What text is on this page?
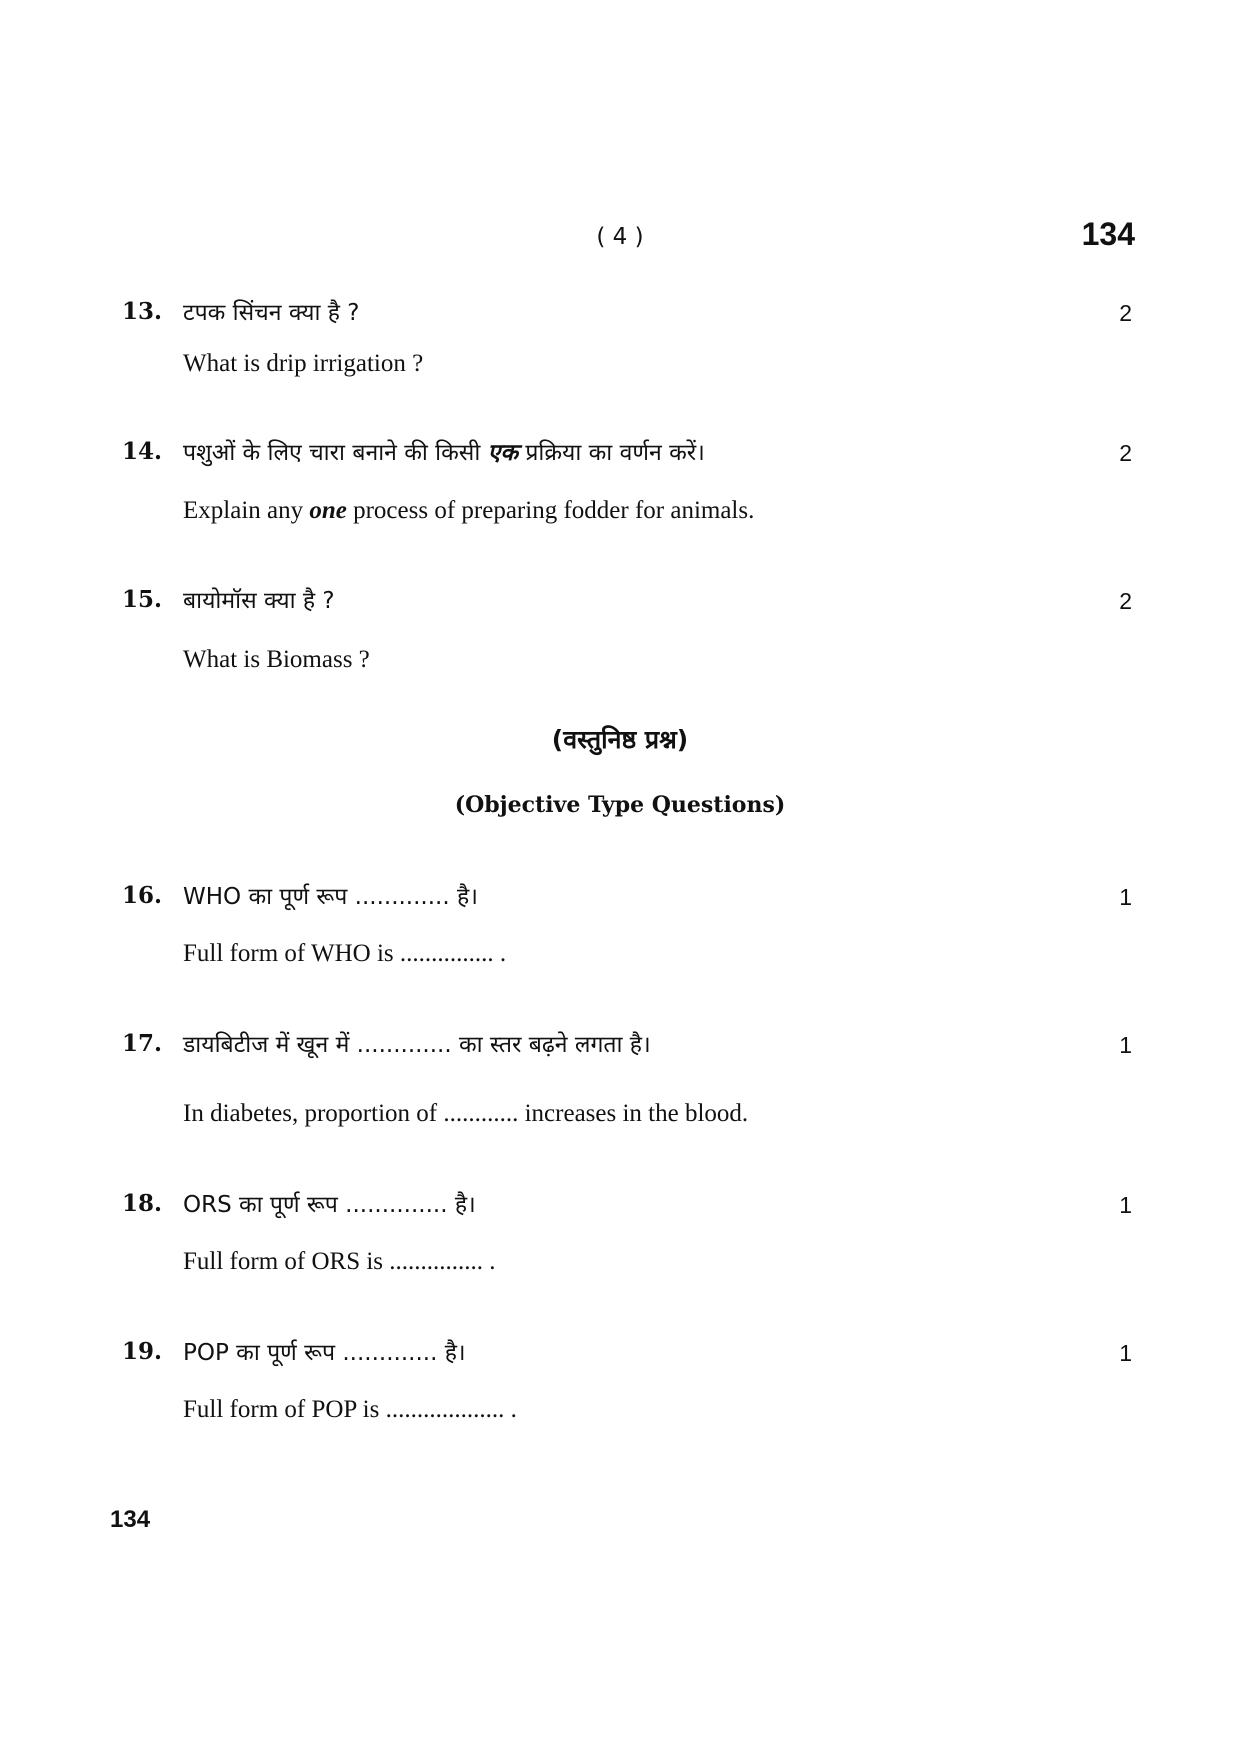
( 4 )	134
13. टपक सिंचन क्या है ?	2
What is drip irrigation ?
14. पशुओं के लिए चारा बनाने की किसी एक प्रक्रिया का वर्णन करें।	2
Explain any one process of preparing fodder for animals.
15. बायोमॉस क्या है ?	2
What is Biomass ?
(वस्तुनिष्ठ प्रश्न)
(Objective Type Questions)
16. WHO का पूर्ण रूप ............. है।	1
Full form of WHO is ............... .
17. डायबिटीज में खून में ............. का स्तर बढ़ने लगता है।	1
In diabetes, proportion of ............ increases in the blood.
18. ORS का पूर्ण रूप .............. है।	1
Full form of ORS is ............... .
19. POP का पूर्ण रूप ............. है।	1
Full form of POP is ................... .
134
